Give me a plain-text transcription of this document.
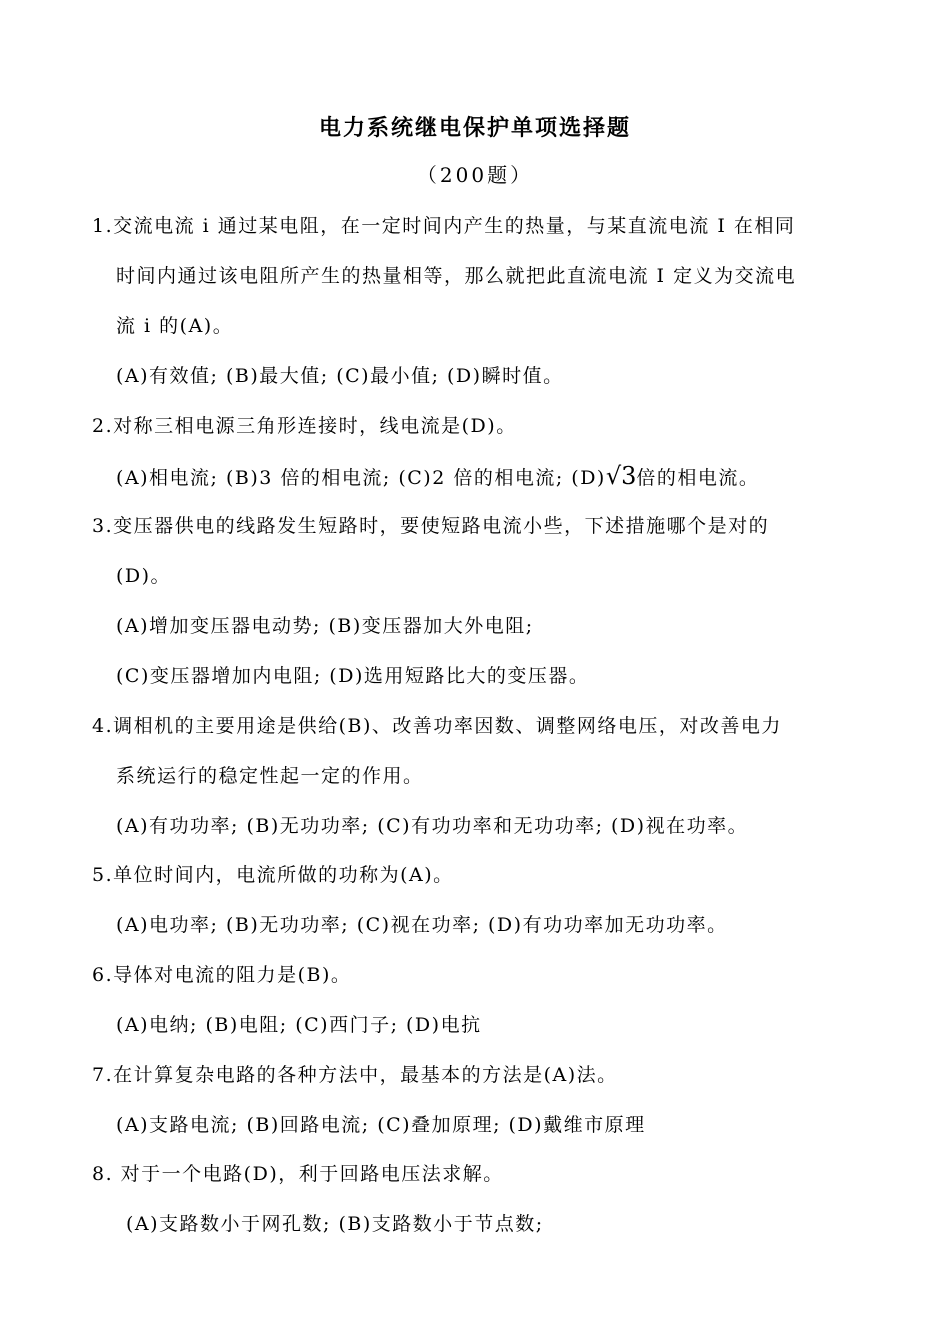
电力系统继电保护单项选择题
（200题）
1.交流电流 i 通过某电阻，在一定时间内产生的热量，与某直流电流 I 在相同
时间内通过该电阻所产生的热量相等，那么就把此直流电流 I 定义为交流电
流 i 的(A)。
(A)有效值; (B)最大值; (C)最小值; (D)瞬时值。
2.对称三相电源三角形连接时，线电流是(D)。
(A)相电流; (B)3 倍的相电流; (C)2 倍的相电流; (D)√3倍的相电流。
3.变压器供电的线路发生短路时，要使短路电流小些，下述措施哪个是对的
(D)。
(A)增加变压器电动势; (B)变压器加大外电阻;
(C)变压器增加内电阻; (D)选用短路比大的变压器。
4.调相机的主要用途是供给(B)、改善功率因数、调整网络电压，对改善电力
系统运行的稳定性起一定的作用。
(A)有功功率; (B)无功功率; (C)有功功率和无功功率; (D)视在功率。
5.单位时间内，电流所做的功称为(A)。
(A)电功率; (B)无功功率; (C)视在功率; (D)有功功率加无功功率。
6.导体对电流的阻力是(B)。
(A)电纳; (B)电阻; (C)西门子; (D)电抗
7.在计算复杂电路的各种方法中，最基本的方法是(A)法。
(A)支路电流; (B)回路电流; (C)叠加原理; (D)戴维市原理
8. 对于一个电路(D)，利于回路电压法求解。
(A)支路数小于网孔数; (B)支路数小于节点数;
